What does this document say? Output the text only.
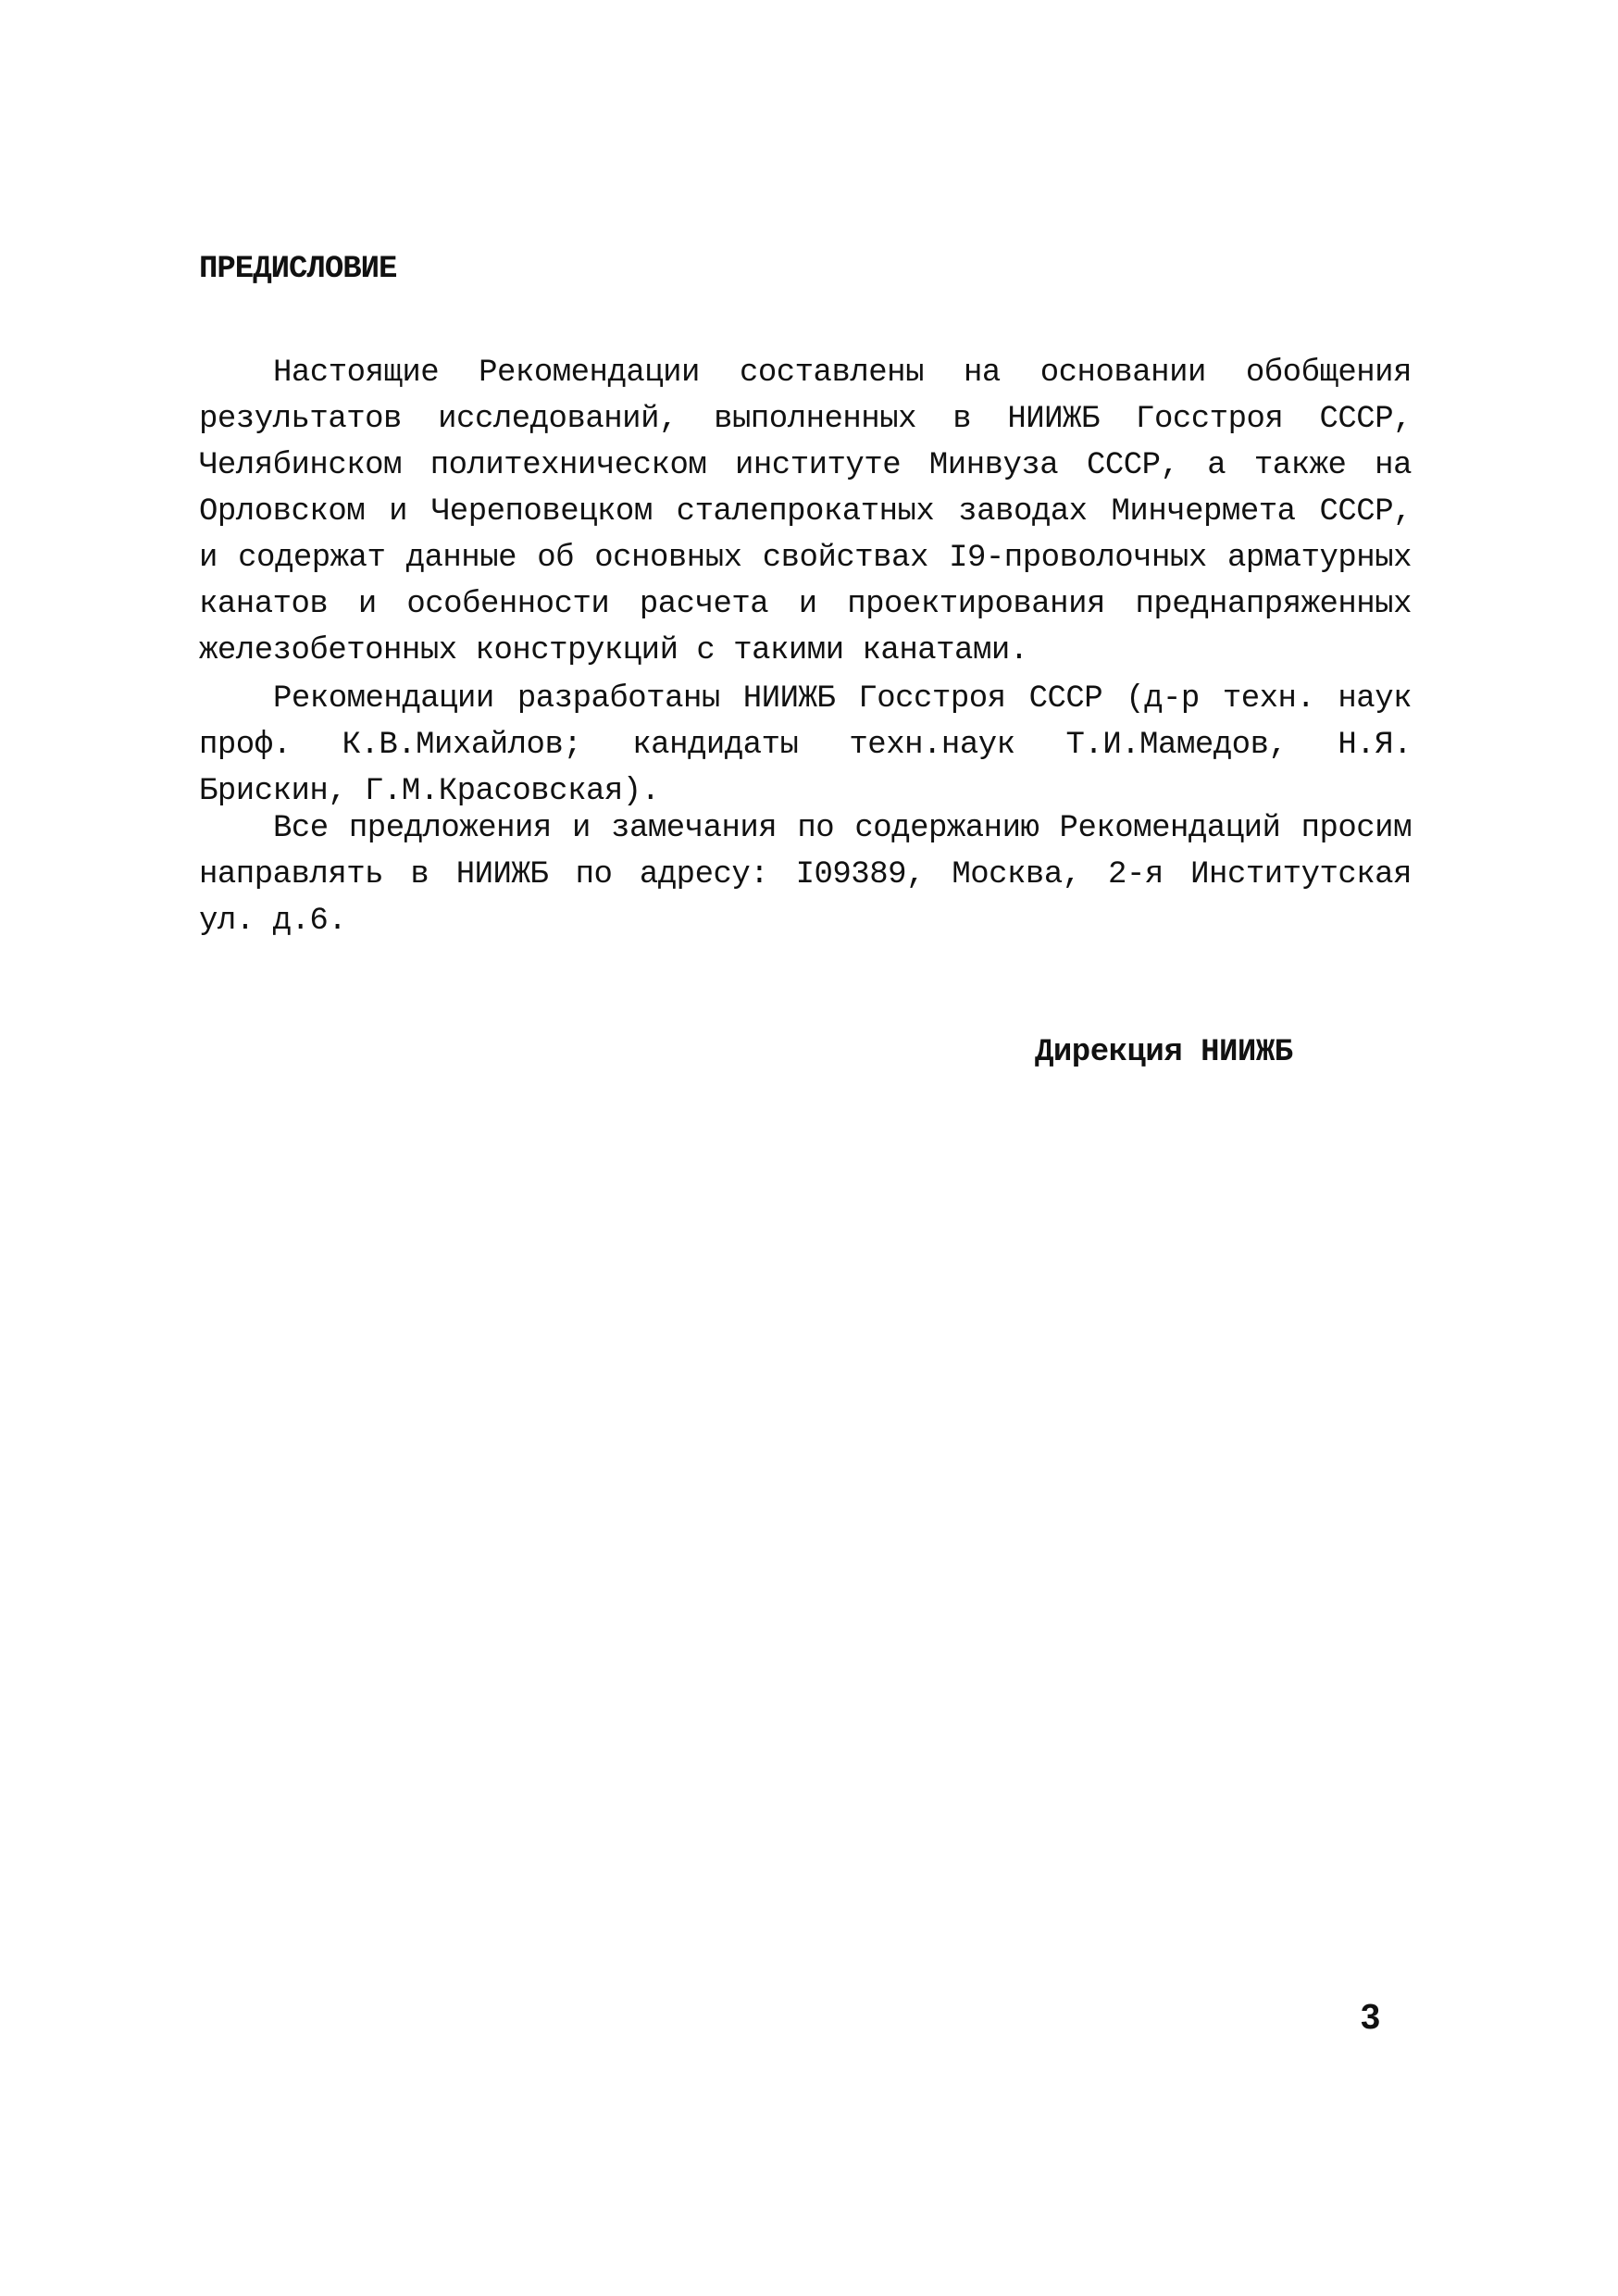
ПРЕДИСЛОВИЕ

Настоящие Рекомендации составлены на основании обобщения результатов исследований, выполненных в НИИЖБ Госстроя СССР, Челябинском политехническом институте Минвуза СССР, а также на Орловском и Череповецком сталепрокатных заводах Минчермета СССР, и содержат данные об основных свойствах I9-проволочных арматурных канатов и особенности расчета и проектирования преднапряженных железобетонных конструкций с такими канатами.

Рекомендации разработаны НИИЖБ Госстроя СССР (д-р техн. наук проф. К.В.Михайлов; кандидаты техн.наук Т.И.Мамедов, Н.Я. Брискин, Г.М.Красовская).

Все предложения и замечания по содержанию Рекомендаций просим направлять в НИИЖБ по адресу: I09389, Москва, 2-я Институтская ул. д.6.

Дирекция НИИЖБ

3
